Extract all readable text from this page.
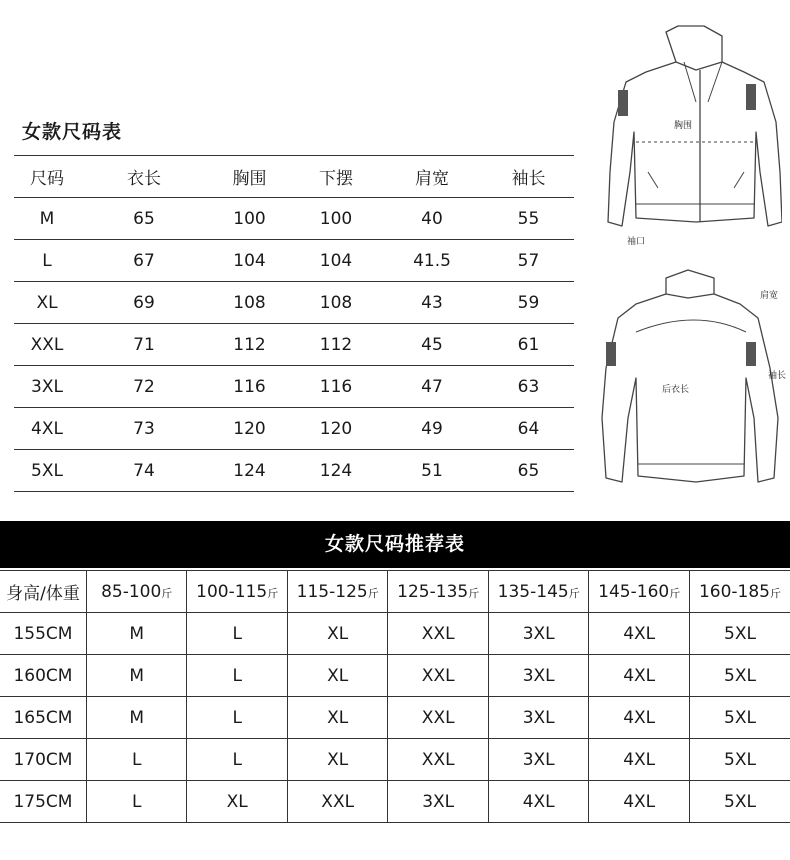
女款尺码表
尺码	衣长	胸围	下摆	肩宽	袖长
M	65	100	100	40	55
L	67	104	104	41.5	57
XL	69	108	108	43	59
XXL	71	112	112	45	61
3XL	72	116	116	47	63
4XL	73	120	120	49	64
5XL	74	124	124	51	65
胸围
袖口
后衣长
肩宽
袖长
女款尺码推荐表
身高/体重	85-100斤	100-115斤	115-125斤	125-135斤	135-145斤	145-160斤	160-185斤
155CM	M	L	XL	XXL	3XL	4XL	5XL
160CM	M	L	XL	XXL	3XL	4XL	5XL
165CM	M	L	XL	XXL	3XL	4XL	5XL
170CM	L	L	XL	XXL	3XL	4XL	5XL
175CM	L	XL	XXL	3XL	4XL	4XL	5XL
